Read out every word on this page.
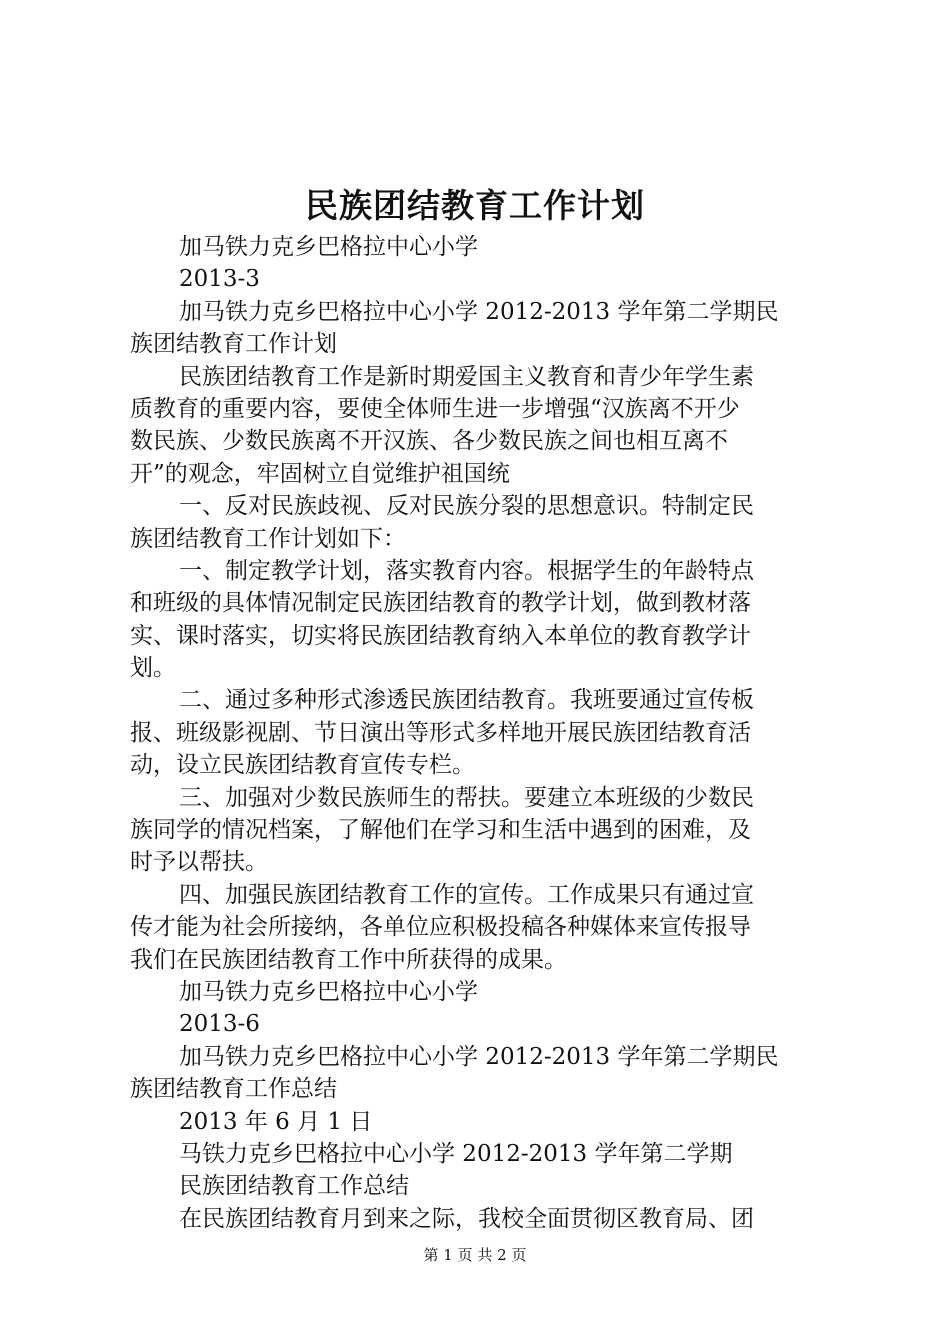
民族团结教育工作计划
加马铁力克乡巴格拉中心小学
2013-3
加马铁力克乡巴格拉中心小学 2012-2013 学年第二学期民
族团结教育工作计划
民族团结教育工作是新时期爱国主义教育和青少年学生素
质教育的重要内容，要使全体师生进一步增强“汉族离不开少
数民族、少数民族离不开汉族、各少数民族之间也相互离不
开”的观念，牢固树立自觉维护祖国统
一、反对民族歧视、反对民族分裂的思想意识。特制定民
族团结教育工作计划如下：
一、制定教学计划，落实教育内容。根据学生的年龄特点
和班级的具体情况制定民族团结教育的教学计划，做到教材落
实、课时落实，切实将民族团结教育纳入本单位的教育教学计
划。
二、通过多种形式渗透民族团结教育。我班要通过宣传板
报、班级影视剧、节日演出等形式多样地开展民族团结教育活
动，设立民族团结教育宣传专栏。
三、加强对少数民族师生的帮扶。要建立本班级的少数民
族同学的情况档案，了解他们在学习和生活中遇到的困难，及
时予以帮扶。
四、加强民族团结教育工作的宣传。工作成果只有通过宣
传才能为社会所接纳，各单位应积极投稿各种媒体来宣传报导
我们在民族团结教育工作中所获得的成果。
加马铁力克乡巴格拉中心小学
2013-6
加马铁力克乡巴格拉中心小学 2012-2013 学年第二学期民
族团结教育工作总结
2013 年 6 月 1 日
马铁力克乡巴格拉中心小学 2012-2013 学年第二学期
民族团结教育工作总结
在民族团结教育月到来之际，我校全面贯彻区教育局、团
第 1 页 共 2 页
